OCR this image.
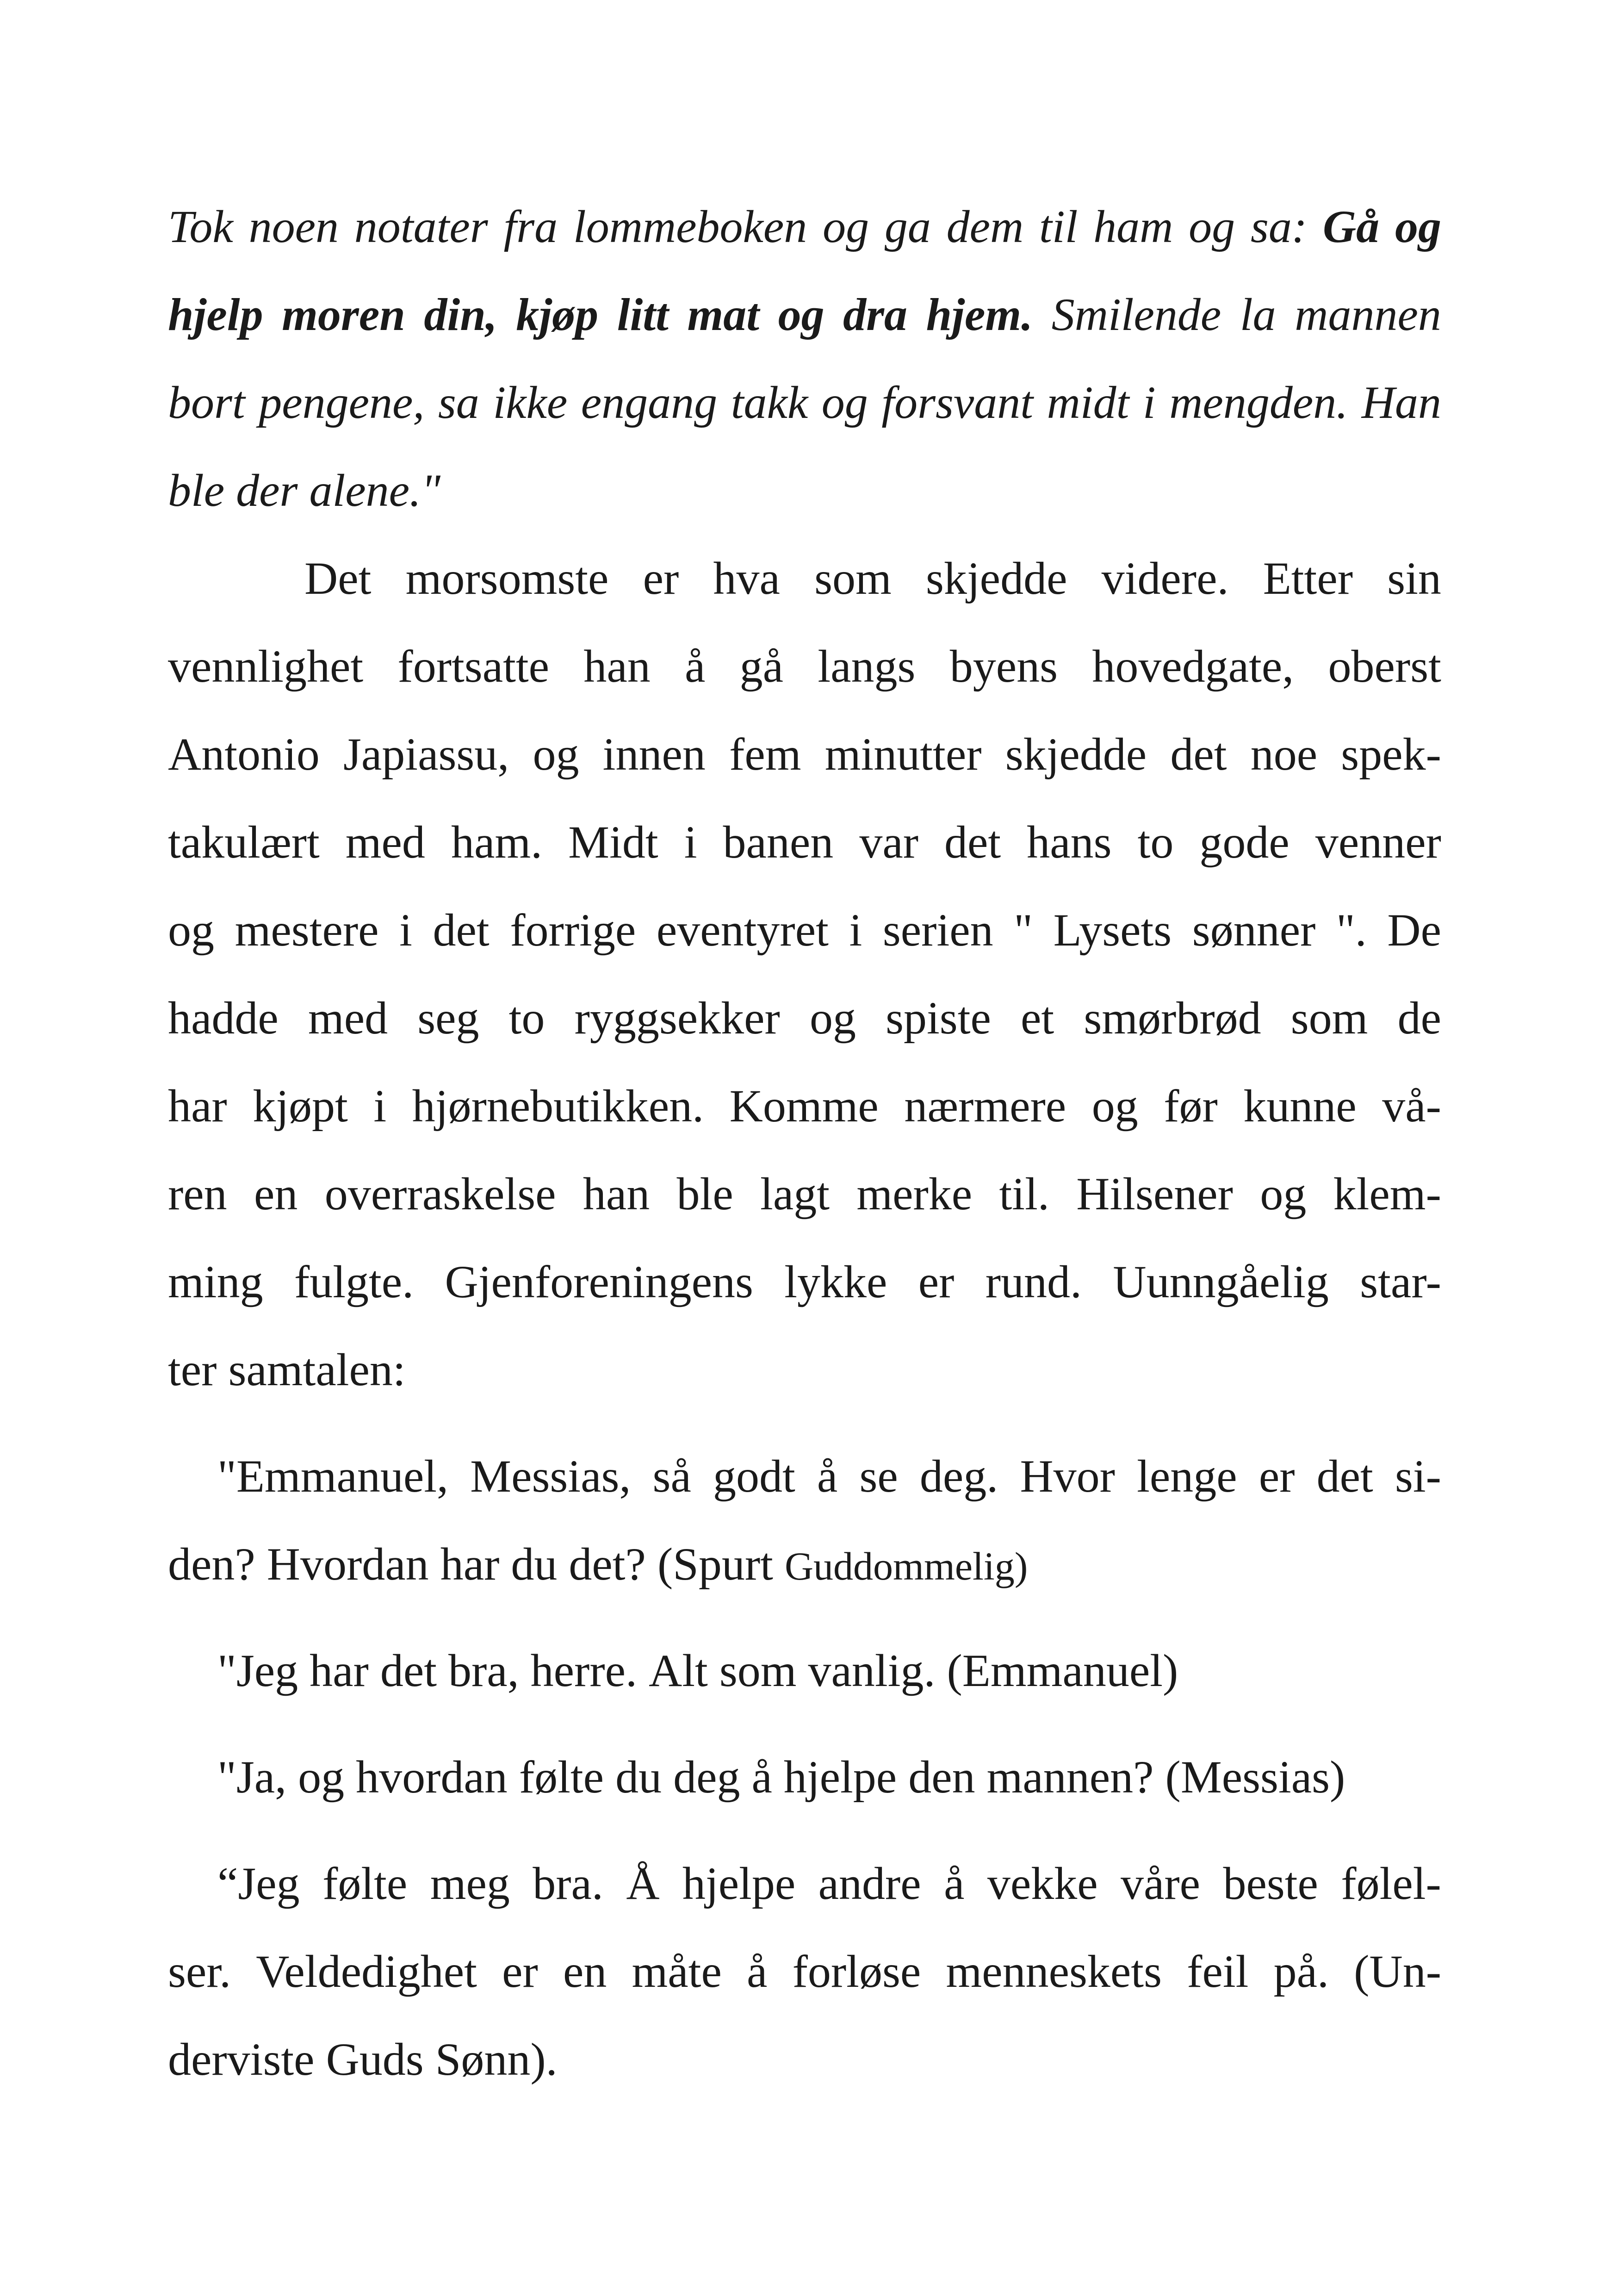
Tok noen notater fra lommeboken og ga dem til ham og sa: Gå og
hjelp moren din, kjøp litt mat og dra hjem. Smilende la mannen
bort pengene, sa ikke engang takk og forsvant midt i mengden. Han
ble der alene."
Det morsomste er hva som skjedde videre. Etter sin
vennlighet fortsatte han å gå langs byens hovedgate, oberst
Antonio Japiassu, og innen fem minutter skjedde det noe spek-
takulært med ham. Midt i banen var det hans to gode venner
og mestere i det forrige eventyret i serien " Lysets sønner ". De
hadde med seg to ryggsekker og spiste et smørbrød som de
har kjøpt i hjørnebutikken. Komme nærmere og før kunne vå-
ren en overraskelse han ble lagt merke til. Hilsener og klem-
ming fulgte. Gjenforeningens lykke er rund. Uunngåelig star-
ter samtalen:
"Emmanuel, Messias, så godt å se deg. Hvor lenge er det si-
den? Hvordan har du det? (Spurt Guddommelig)
"Jeg har det bra, herre. Alt som vanlig. (Emmanuel)
"Ja, og hvordan følte du deg å hjelpe den mannen? (Messias)
“Jeg følte meg bra. Å hjelpe andre å vekke våre beste følel-
ser. Veldedighet er en måte å forløse menneskets feil på. (Un-
derviste Guds Sønn).
